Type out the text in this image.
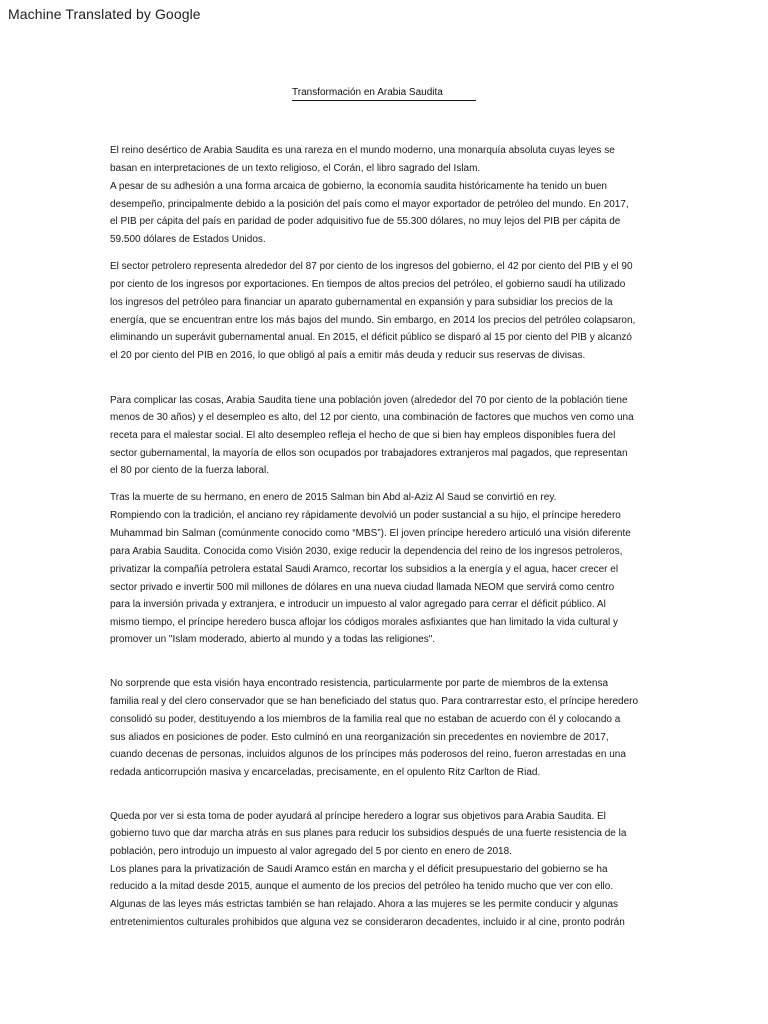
Machine Translated by Google
Transformación en Arabia Saudita
El reino desértico de Arabia Saudita es una rareza en el mundo moderno, una monarquía absoluta cuyas leyes se
basan en interpretaciones de un texto religioso, el Corán, el libro sagrado del Islam.
A pesar de su adhesión a una forma arcaica de gobierno, la economía saudita históricamente ha tenido un buen
desempeño, principalmente debido a la posición del país como el mayor exportador de petróleo del mundo. En 2017,
el PIB per cápita del país en paridad de poder adquisitivo fue de 55.300 dólares, no muy lejos del PIB per cápita de
59.500 dólares de Estados Unidos.
El sector petrolero representa alrededor del 87 por ciento de los ingresos del gobierno, el 42 por ciento del PIB y el 90
por ciento de los ingresos por exportaciones. En tiempos de altos precios del petróleo, el gobierno saudí ha utilizado
los ingresos del petróleo para financiar un aparato gubernamental en expansión y para subsidiar los precios de la
energía, que se encuentran entre los más bajos del mundo. Sin embargo, en 2014 los precios del petróleo colapsaron,
eliminando un superávit gubernamental anual. En 2015, el déficit público se disparó al 15 por ciento del PIB y alcanzó
el 20 por ciento del PIB en 2016, lo que obligó al país a emitir más deuda y reducir sus reservas de divisas.
Para complicar las cosas, Arabia Saudita tiene una población joven (alrededor del 70 por ciento de la población tiene
menos de 30 años) y el desempleo es alto, del 12 por ciento, una combinación de factores que muchos ven como una
receta para el malestar social. El alto desempleo refleja el hecho de que si bien hay empleos disponibles fuera del
sector gubernamental, la mayoría de ellos son ocupados por trabajadores extranjeros mal pagados, que representan
el 80 por ciento de la fuerza laboral.
Tras la muerte de su hermano, en enero de 2015 Salman bin Abd al-Aziz Al Saud se convirtió en rey.
Rompiendo con la tradición, el anciano rey rápidamente devolvió un poder sustancial a su hijo, el príncipe heredero
Muhammad bin Salman (comúnmente conocido como “MBS”). El joven príncipe heredero articuló una visión diferente
para Arabia Saudita. Conocida como Visión 2030, exige reducir la dependencia del reino de los ingresos petroleros,
privatizar la compañía petrolera estatal Saudi Aramco, recortar los subsidios a la energía y el agua, hacer crecer el
sector privado e invertir 500 mil millones de dólares en una nueva ciudad llamada NEOM que servirá como centro
para la inversión privada y extranjera, e introducir un impuesto al valor agregado para cerrar el déficit público. Al
mismo tiempo, el príncipe heredero busca aflojar los códigos morales asfixiantes que han limitado la vida cultural y
promover un "Islam moderado, abierto al mundo y a todas las religiones".
No sorprende que esta visión haya encontrado resistencia, particularmente por parte de miembros de la extensa
familia real y del clero conservador que se han beneficiado del status quo. Para contrarrestar esto, el príncipe heredero
consolidó su poder, destituyendo a los miembros de la familia real que no estaban de acuerdo con él y colocando a
sus aliados en posiciones de poder. Esto culminó en una reorganización sin precedentes en noviembre de 2017,
cuando decenas de personas, incluidos algunos de los príncipes más poderosos del reino, fueron arrestadas en una
redada anticorrupción masiva y encarceladas, precisamente, en el opulento Ritz Carlton de Riad.
Queda por ver si esta toma de poder ayudará al príncipe heredero a lograr sus objetivos para Arabia Saudita. El
gobierno tuvo que dar marcha atrás en sus planes para reducir los subsidios después de una fuerte resistencia de la
población, pero introdujo un impuesto al valor agregado del 5 por ciento en enero de 2018.
Los planes para la privatización de Saudi Aramco están en marcha y el déficit presupuestario del gobierno se ha
reducido a la mitad desde 2015, aunque el aumento de los precios del petróleo ha tenido mucho que ver con ello.
Algunas de las leyes más estrictas también se han relajado. Ahora a las mujeres se les permite conducir y algunas
entretenimientos culturales prohibidos que alguna vez se consideraron decadentes, incluido ir al cine, pronto podrán
